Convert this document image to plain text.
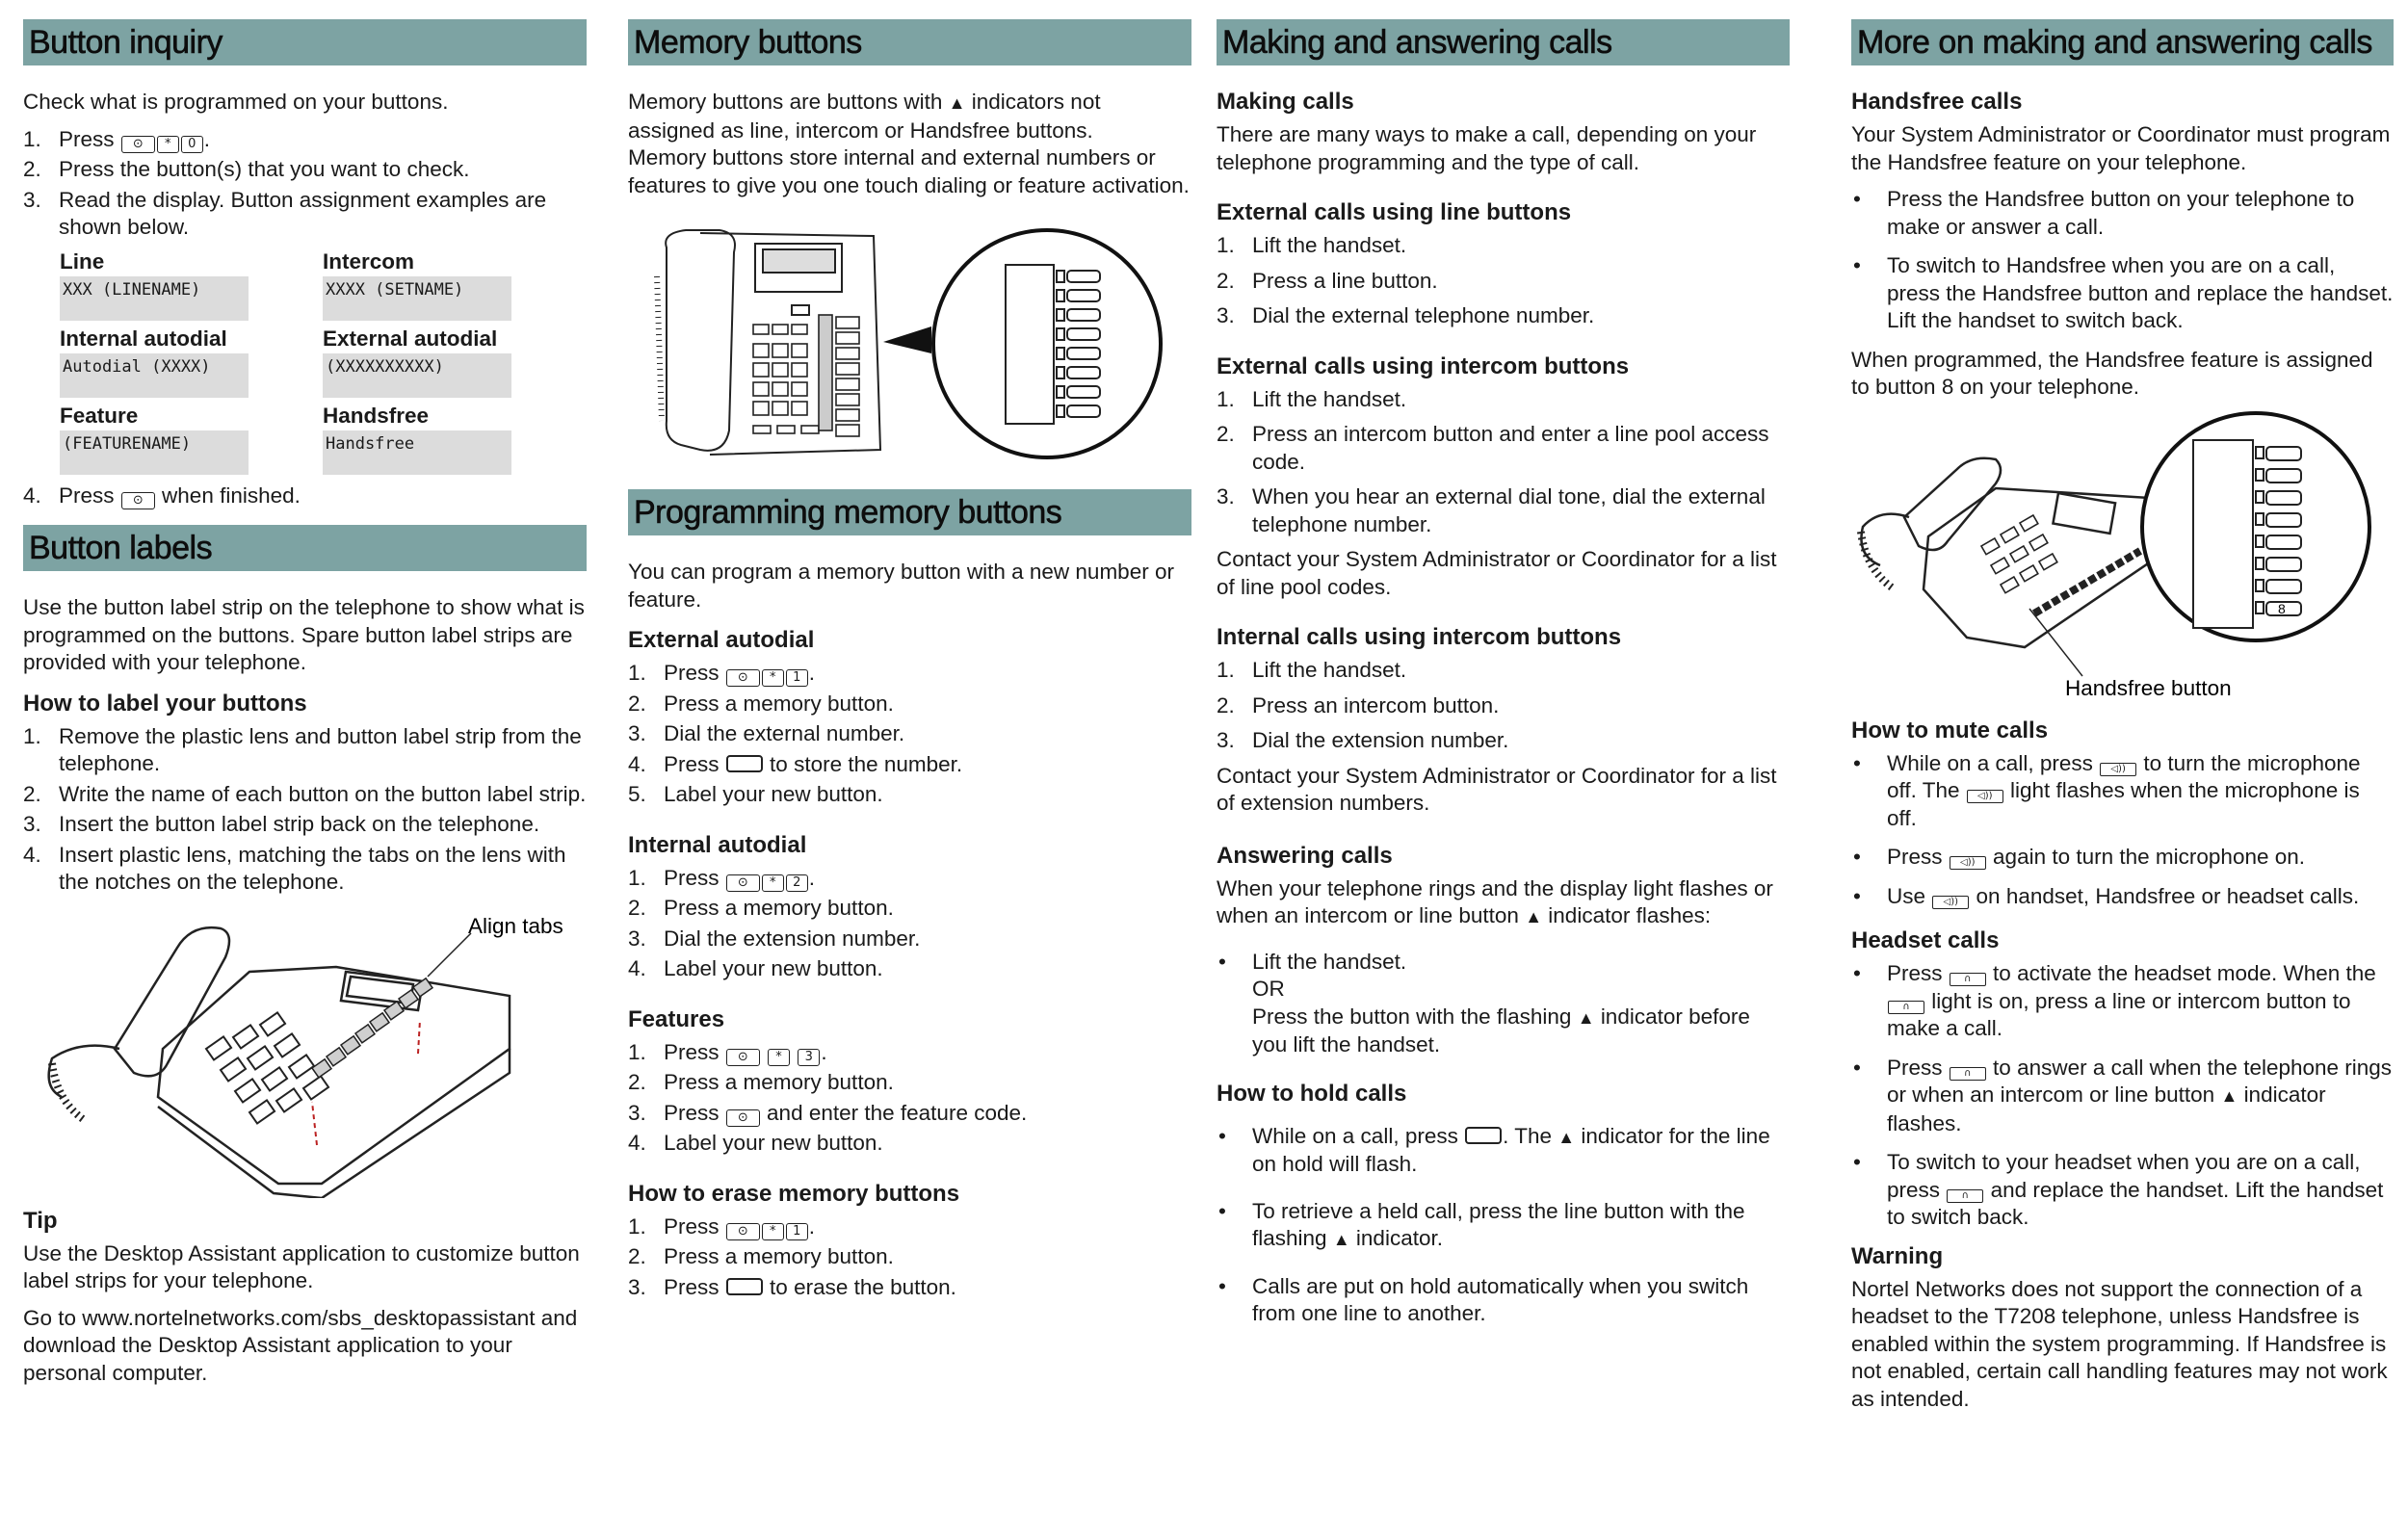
Button inquiry

Check what is programmed on your buttons.

1. Press ⊙ * 0 .
2. Press the button(s) that you want to check.
3. Read the display. Button assignment examples are shown below.
Line
XXX (LINENAME)
Intercom
XXXX (SETNAME)
Internal autodial
Autodial (XXXX)
External autodial
(XXXXXXXXXX)
Feature
(FEATURENAME)
Handsfree
Handsfree
4. Press ⊙ when finished.
Button labels

Use the button label strip on the telephone to show what is programmed on the buttons. Spare button label strips are provided with your telephone.

How to label your buttons
1. Remove the plastic lens and button label strip from the telephone.
2. Write the name of each button on the button label strip.
3. Insert the button label strip back on the telephone.
4. Insert plastic lens, matching the tabs on the lens with the notches on the telephone.
Align tabs
Tip

Use the Desktop Assistant application to customize button label strips for your telephone.

Go to www.nortelnetworks.com/sbs_desktopassistant and download the Desktop Assistant application to your personal computer.

Memory buttons

Memory buttons are buttons with ▲ indicators not assigned as line, intercom or Handsfree buttons.

Memory buttons store internal and external numbers or features to give you one touch dialing or feature activation.

Programming memory buttons

You can program a memory button with a new number or feature.

External autodial
1. Press ⊙ * 1 .
2. Press a memory button.
3. Dial the external number.
4. Press to store the number.
5. Label your new button.
Internal autodial
1. Press ⊙ * 2 .
2. Press a memory button.
3. Dial the extension number.
4. Label your new button.
Features
1. Press ⊙ * 3 .
2. Press a memory button.
3. Press ⊙ and enter the feature code.
4. Label your new button.
How to erase memory buttons
1. Press ⊙ * 1 .
2. Press a memory button.
3. Press to erase the button.
Making and answering calls
Making calls

There are many ways to make a call, depending on your telephone programming and the type of call.

External calls using line buttons
1. Lift the handset.
2. Press a line button.
3. Dial the external telephone number.
External calls using intercom buttons
1. Lift the handset.
2. Press an intercom button and enter a line pool access code.
3. When you hear an external dial tone, dial the external telephone number.

Contact your System Administrator or Coordinator for a list of line pool codes.

Internal calls using intercom buttons
1. Lift the handset.
2. Press an intercom button.
3. Dial the extension number.

Contact your System Administrator or Coordinator for a list of extension numbers.

Answering calls

When your telephone rings and the display light flashes or when an intercom or line button ▲ indicator flashes:

• Lift the handset.
OR
Press the button with the flashing ▲ indicator before you lift the handset.
How to hold calls
• While on a call, press . The ▲ indicator for the line on hold will flash.
• To retrieve a held call, press the line button with the flashing ▲ indicator.
• Calls are put on hold automatically when you switch from one line to another.
More on making and answering calls
Handsfree calls

Your System Administrator or Coordinator must program the Handsfree feature on your telephone.

• Press the Handsfree button on your telephone to make or answer a call.
• To switch to Handsfree when you are on a call, press the Handsfree button and replace the handset. Lift the handset to switch back.

When programmed, the Handsfree feature is assigned to button 8 on your telephone.

8
Handsfree button
How to mute calls
• While on a call, press ◁)) to turn the microphone off. The ◁)) light flashes when the microphone is off.
• Press ◁)) again to turn the microphone on.
• Use ◁)) on handset, Handsfree or headset calls.
Headset calls
• Press ∩ to activate the headset mode. When the ∩ light is on, press a line or intercom button to make a call.
• Press ∩ to answer a call when the telephone rings or when an intercom or line button ▲ indicator flashes.
• To switch to your headset when you are on a call, press ∩ and replace the handset. Lift the handset to switch back.
Warning

Nortel Networks does not support the connection of a headset to the T7208 telephone, unless Handsfree is enabled within the system programming. If Handsfree is not enabled, certain call handling features may not work as intended.
